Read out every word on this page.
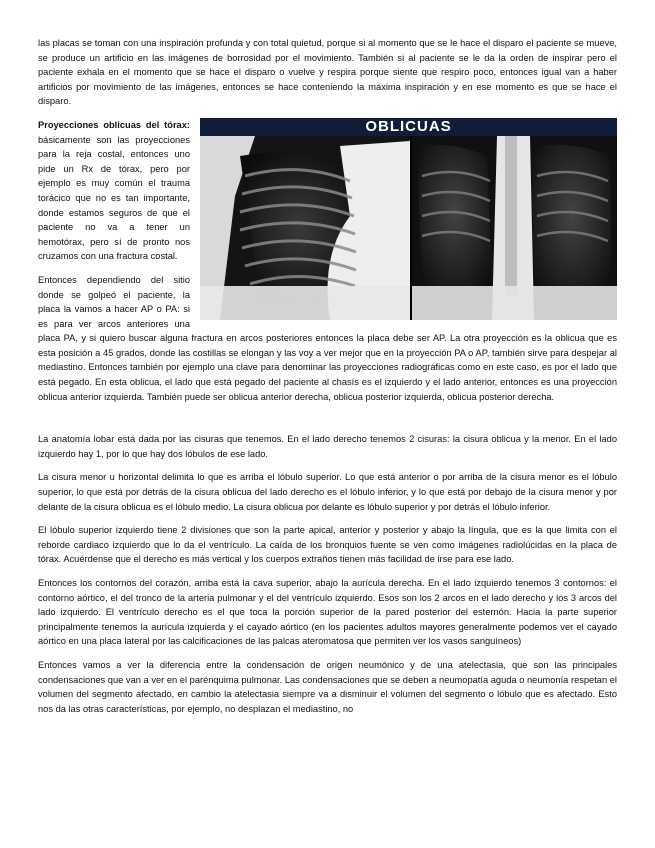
las placas se toman con una inspiración profunda y con total quietud, porque si al momento que se le hace el disparo el paciente se mueve, se produce un artificio en las imágenes de borrosidad por el movimiento. También si al paciente se le da la orden de inspirar pero el paciente exhala en el momento que se hace el disparo o vuelve y respira porque siente que respiro poco, entonces igual van a haber artificios por movimiento de las imágenes, entonces se hace conteniendo la máxima inspiración y en ese momento es que se hace el disparo.

OBLICUAS

Proyecciones oblicuas del tórax: básicamente son las proyecciones para la reja costal, entonces uno pide un Rx de tórax, pero por ejemplo es muy común el trauma torácico que no es tan importante, donde estamos seguros de que el paciente no va a tener un hemotórax, pero sí de pronto nos cruzamos con una fractura costal.

Entonces dependiendo del sitio donde se golpeó el paciente, la placa la vamos a hacer AP o PA: si es para ver arcos anteriores una placa PA, y si quiero buscar alguna fractura en arcos posteriores entonces la placa debe ser AP. La otra proyección es la oblicua que es esta posición a 45 grados, donde las costillas se elongan y las voy a ver mejor que en la proyección PA o AP, también sirve para despejar al mediastino. Entonces también por ejemplo una clave para denominar las proyecciones radiográficas como en este caso, es por el lado que está pegado. En esta oblicua, el lado que está pegado del paciente al chasís es el izquierdo y el lado anterior, entonces es una proyección oblicua anterior izquierda. También puede ser oblicua anterior derecha, oblicua posterior izquierda, oblicua posterior derecha.

La anatomía lobar está dada por las cisuras que tenemos. En el lado derecho tenemos 2 cisuras: la cisura oblicua y la menor. En el lado izquierdo hay 1, por lo que hay dos lóbulos de ese lado.

La cisura menor u horizontal delimita lo que es arriba el lóbulo superior. Lo que está anterior o por arriba de la cisura menor es el lóbulo superior, lo que está por detrás de la cisura oblicua del lado derecho es el lóbulo inferior, y lo que está por debajo de la cisura menor y por delante de la cisura oblicua es el lóbulo medio. La cisura oblicua por delante es lóbulo superior y por detrás el lóbulo inferior.

El lóbulo superior izquierdo tiene 2 divisiones que son la parte apical, anterior y posterior y abajo la língula, que es la que limita con el reborde cardiaco izquierdo que lo da el ventrículo. La caída de los bronquios fuente se ven como imágenes radiolúcidas en la placa de tórax. Acuérdense que el derecho es más vertical y los cuerpos extraños tienen más facilidad de irse para ese lado.

Entonces los contornos del corazón, arriba está la cava superior, abajo la aurícula derecha. En el lado izquierdo tenemos 3 contornos: el contorno aórtico, el del tronco de la arteria pulmonar y el del ventrículo izquierdo. Esos son los 2 arcos en el lado derecho y los 3 arcos del lado izquierdo. El ventrículo derecho es el que toca la porción superior de la pared posterior del esternón. Hacia la parte superior principalmente tenemos la aurícula izquierda y el cayado aórtico (en los pacientes adultos mayores generalmente podemos ver el cayado aórtico en una placa lateral por las calcificaciones de las palcas ateromatosa que permiten ver los vasos sanguíneos)

Entonces vamos a ver la diferencia entre la condensación de origen neumónico y de una atelectasia, que son las principales condensaciones que van a ver en el parénquima pulmonar. Las condensaciones que se deben a neumopatía aguda o neumonía respetan el volumen del segmento afectado, en cambio la atelectasia siempre va a disminuir el volumen del segmento o lóbulo que es afectado. Esto nos da las otras características, por ejemplo, no desplazan el mediastino, no
